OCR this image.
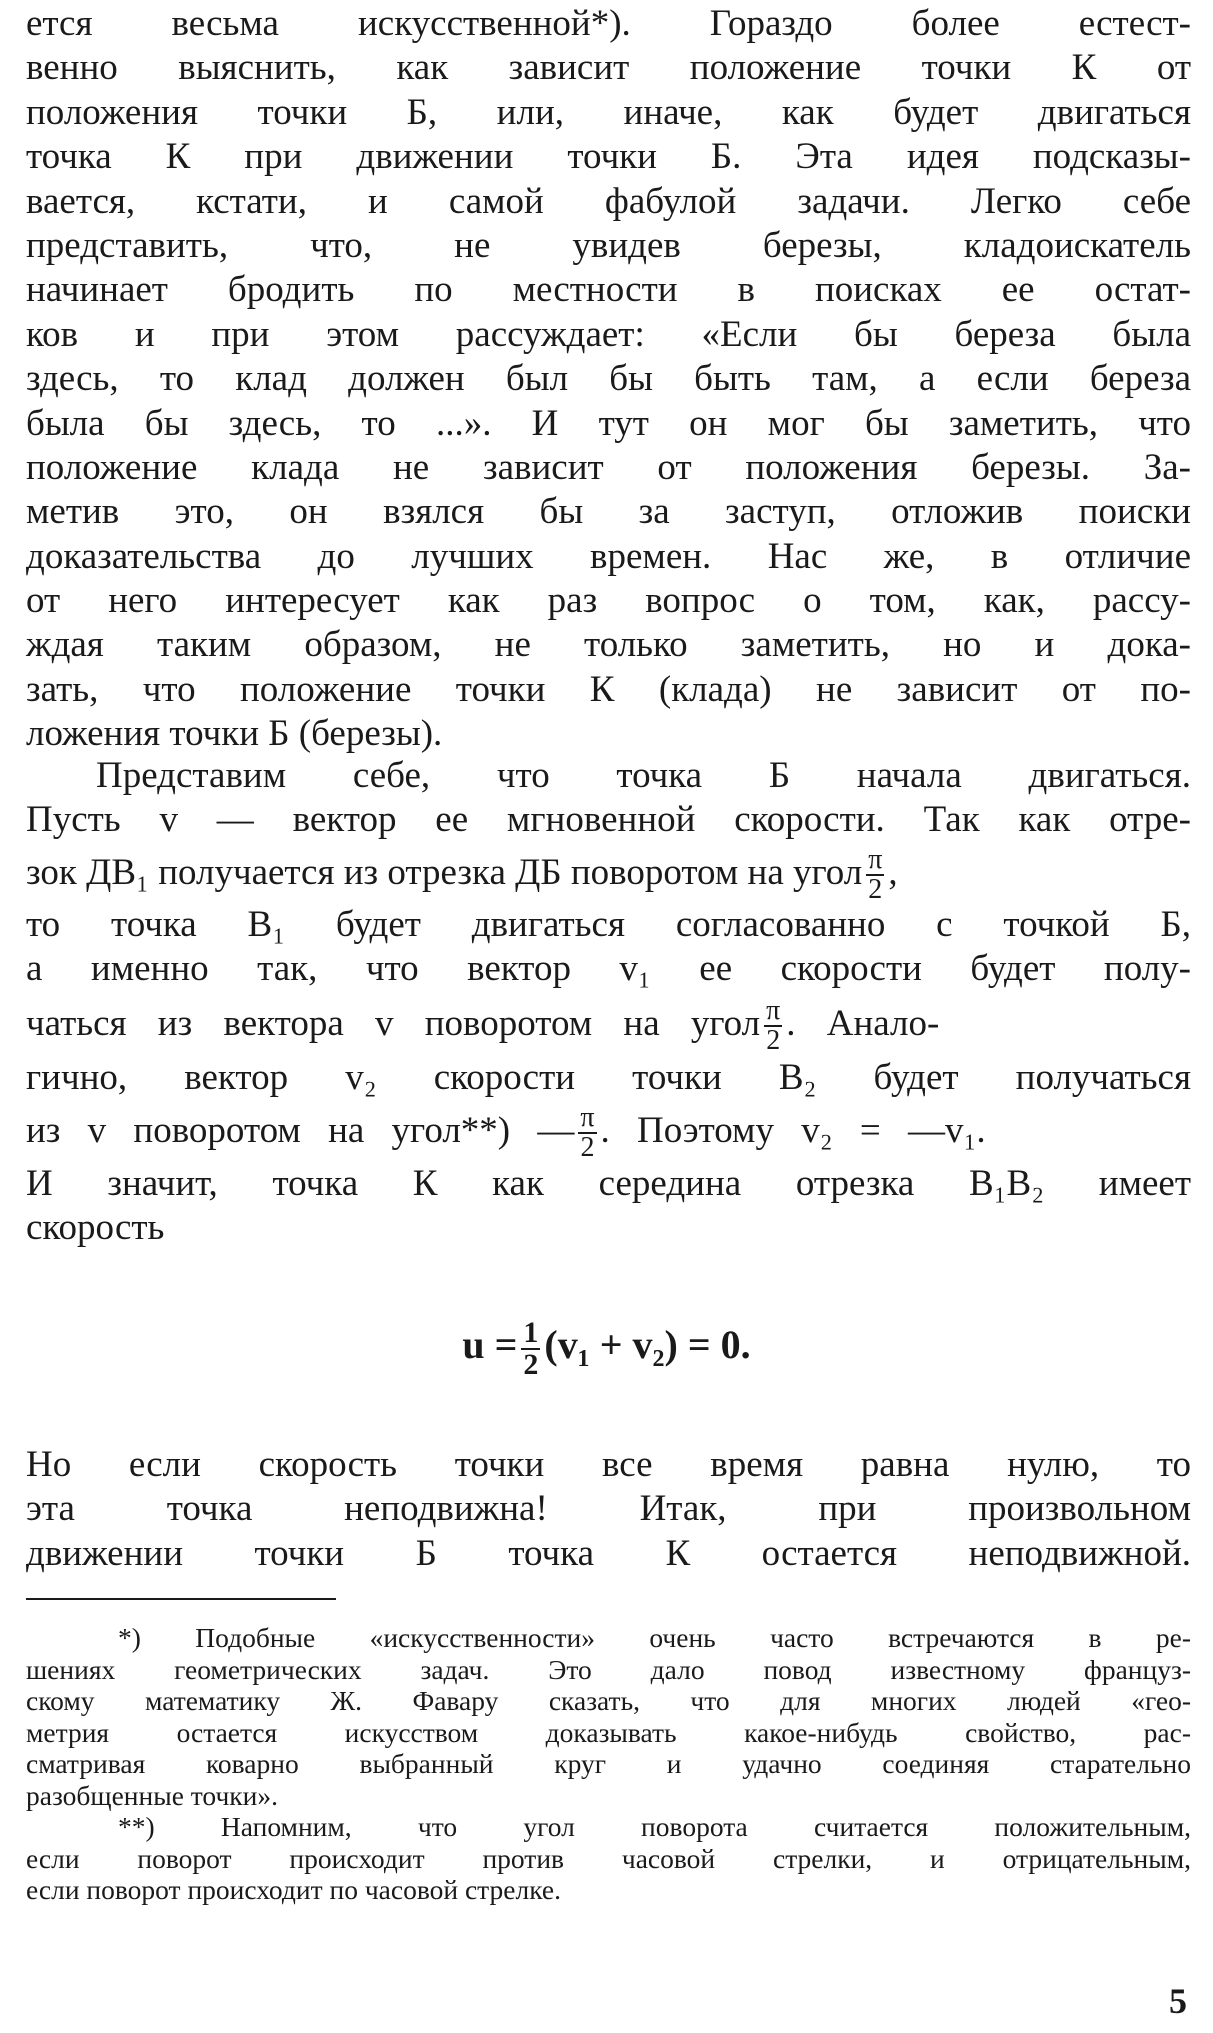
ется весьма искусственной*). Гораздо более естест-
венно выяснить, как зависит положение точки К от
положения точки Б, или, иначе, как будет двигаться
точка К при движении точки Б. Эта идея подсказы-
вается, кстати, и самой фабулой задачи. Легко себе
представить, что, не увидев березы, кладоискатель
начинает бродить по местности в поисках ее остат-
ков и при этом рассуждает: «Если бы береза была
здесь, то клад должен был бы быть там, а если береза
была бы здесь, то ...». И тут он мог бы заметить, что
положение клада не зависит от положения березы. За-
метив это, он взялся бы за заступ, отложив поиски
доказательства до лучших времен. Нас же, в отличие
от него интересует как раз вопрос о том, как, рассу-
ждая таким образом, не только заметить, но и дока-
зать, что положение точки К (клада) не зависит от по-
ложения точки Б (березы).
Представим себе, что точка Б начала двигаться.
Пусть v — вектор ее мгновенной скорости. Так как отре-
зок ДВ₁ получается из отрезка ДБ поворотом на угол $\frac{\pi}{2}$ ,
то точка В₁ будет двигаться согласованно с точкой Б,
а именно так, что вектор v₁ ее скорости будет полу-
чаться из вектора v поворотом на угол $\frac{\pi}{2}$ . Анало-
гично, вектор v₂ скорости точки В₂ будет получаться
из v поворотом на угол**) — $\frac{\pi}{2}$ . Поэтому v₂ = —v₁.
И значит, точка К как середина отрезка В₁В₂ имеет
скорость
$u = \frac{1}{2} (v_1 + v_2) = 0$.
Но если скорость точки все время равна нулю, то
эта точка неподвижна! Итак, при произвольном
движении точки Б точка К остается неподвижной.
*) Подобные «искусственности» очень часто встречаются в ре-
шениях геометрических задач. Это дало повод известному француз-
скому математику Ж. Фавару сказать, что для многих людей «гео-
метрия остается искусством доказывать какое-нибудь свойство, рас-
сматривая коварно выбранный круг и удачно соединяя старательно
разобщенные точки».
**) Напомним, что угол поворота считается положительным,
если поворот происходит против часовой стрелки, и отрицательным,
если поворот происходит по часовой стрелке.
5
